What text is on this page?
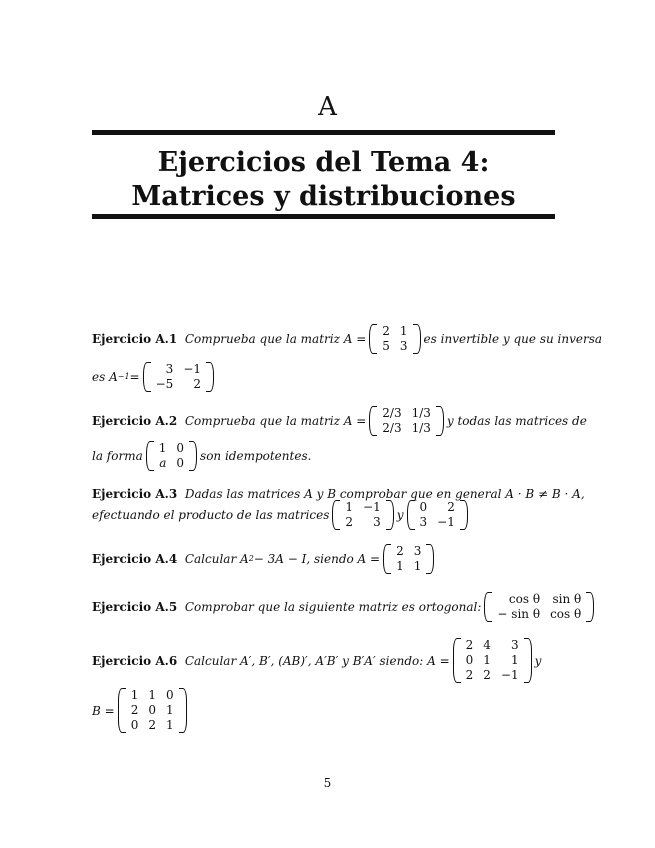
A
Ejercicios del Tema 4: Matrices y distribuciones
Ejercicio A.1
Comprueba que la matriz A =
2	1
5	3 es invertible y que su inversa
es A −1 =
3	−1
−5	2
Ejercicio A.2
Comprueba que la matriz A =
2/3	1/3
2/3	1/3 y todas las matrices de
la forma
1	0
a	0 son idempotentes.
Ejercicio A.3
Dadas las matrices A y B comprobar que en general A · B ≠ B · A,
efectuando el producto de las matrices
1	−1
2	3 y
0	2
3	−1
Ejercicio A.4
Calcular A 2 − 3A − I, siendo A =
2	3
1	1
Ejercicio A.5
Comprobar que la siguiente matriz es ortogonal:
cos θ	sin θ
− sin θ	cos θ
Ejercicio A.6
Calcular A′, B′, (AB)′, A′B′ y B′A′ siendo: A =
2	4	3
0	1	1
2	2	−1
y
B =
1	1	0
2	0	1
0	2	1
5
